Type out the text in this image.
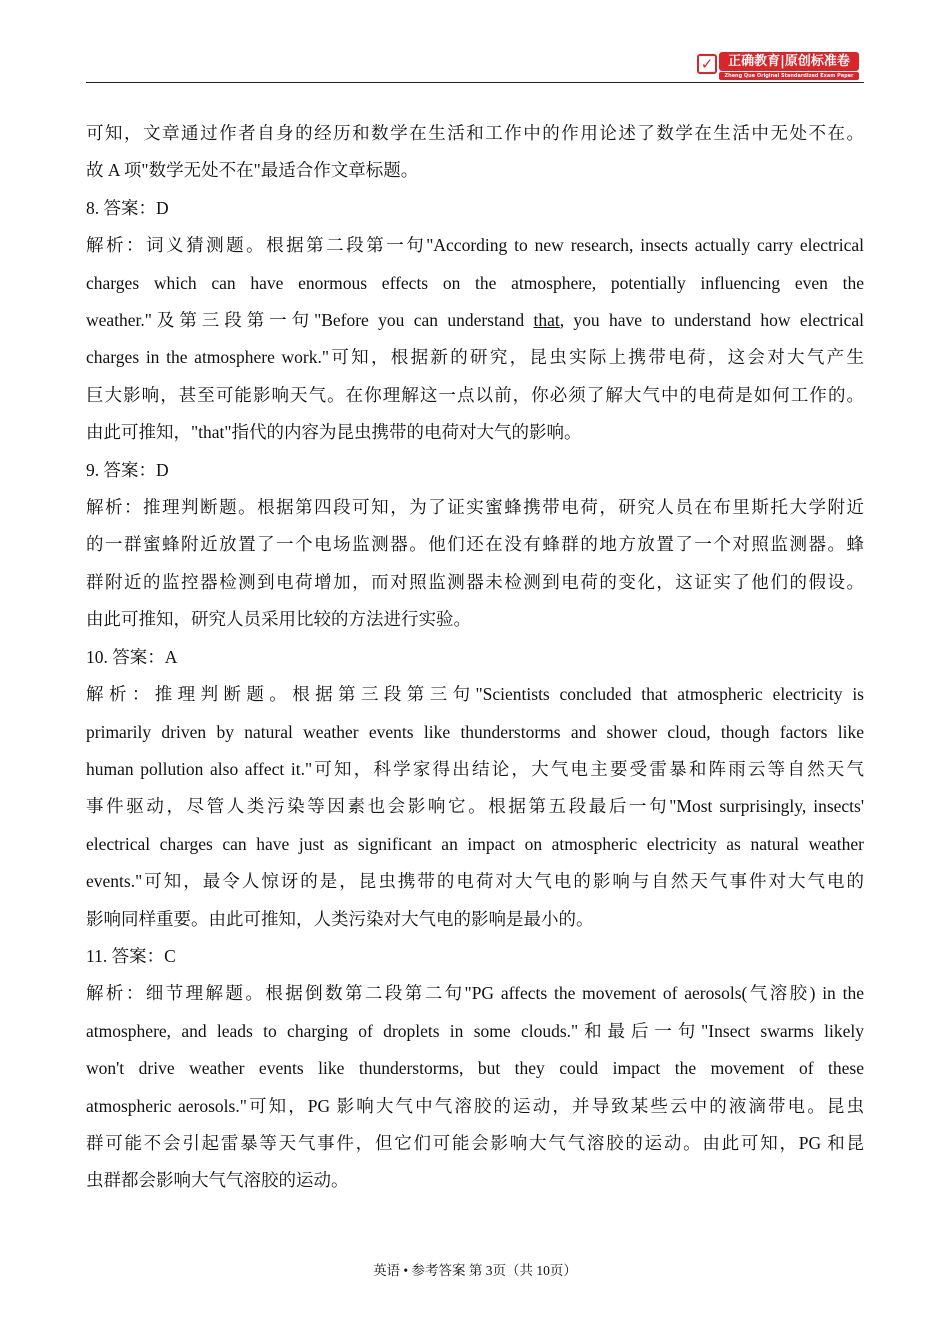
✓	正确教育|原创标准卷
Zheng Que Original Standardized Exam Paper
可知，文章通过作者自身的经历和数学在生活和工作中的作用论述了数学在生活中无处不在。
故 A 项"数学无处不在"最适合作文章标题。
8. 答案：D
解析：词义猜测题。根据第二段第一句"According to new research, insects actually carry electrical
charges which can have enormous effects on the atmosphere, potentially influencing even the
weather."及第三段第一句"Before you can understand that, you have to understand how electrical
charges in the atmosphere work."可知，根据新的研究，昆虫实际上携带电荷，这会对大气产生
巨大影响，甚至可能影响天气。在你理解这一点以前，你必须了解大气中的电荷是如何工作的。
由此可推知，"that"指代的内容为昆虫携带的电荷对大气的影响。
9. 答案：D
解析：推理判断题。根据第四段可知，为了证实蜜蜂携带电荷，研究人员在布里斯托大学附近
的一群蜜蜂附近放置了一个电场监测器。他们还在没有蜂群的地方放置了一个对照监测器。蜂
群附近的监控器检测到电荷增加，而对照监测器未检测到电荷的变化，这证实了他们的假设。
由此可推知，研究人员采用比较的方法进行实验。
10. 答案：A
解析：推理判断题。根据第三段第三句"Scientists concluded that atmospheric electricity is
primarily driven by natural weather events like thunderstorms and shower cloud, though factors like
human pollution also affect it."可知，科学家得出结论，大气电主要受雷暴和阵雨云等自然天气
事件驱动，尽管人类污染等因素也会影响它。根据第五段最后一句"Most surprisingly, insects'
electrical charges can have just as significant an impact on atmospheric electricity as natural weather
events."可知，最令人惊讶的是，昆虫携带的电荷对大气电的影响与自然天气事件对大气电的
影响同样重要。由此可推知，人类污染对大气电的影响是最小的。
11. 答案：C
解析：细节理解题。根据倒数第二段第二句"PG affects the movement of aerosols(气溶胶) in the
atmosphere, and leads to charging of droplets in some clouds."和最后一句"Insect swarms likely
won't drive weather events like thunderstorms, but they could impact the movement of these
atmospheric aerosols."可知，PG 影响大气中气溶胶的运动，并导致某些云中的液滴带电。昆虫
群可能不会引起雷暴等天气事件，但它们可能会影响大气气溶胶的运动。由此可知，PG 和昆
虫群都会影响大气气溶胶的运动。
英语 • 参考答案 第 3页（共 10页）
